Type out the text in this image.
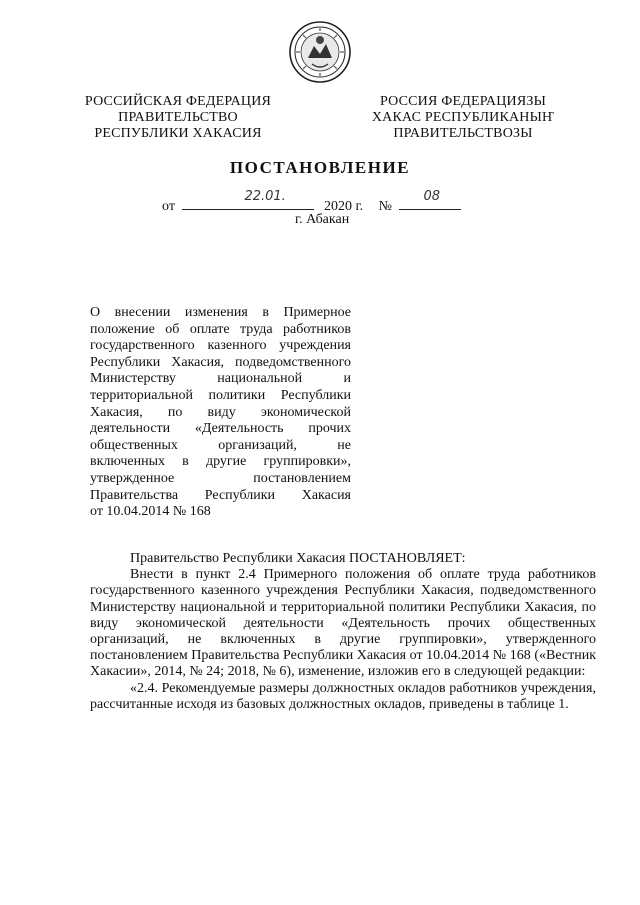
РОССИЙСКАЯ ФЕДЕРАЦИЯ
ПРАВИТЕЛЬСТВО
РЕСПУБЛИКИ ХАКАСИЯ
РОССИЯ ФЕДЕРАЦИЯЗЫ
ХАКАС РЕСПУБЛИКАНЫҤ
ПРАВИТЕЛЬСТВОЗЫ
ПОСТАНОВЛЕНИЕ
от
22.01.
2020 г. №
08
г. Абакан
О внесении изменения в Примерное
положение об оплате труда работников
государственного казенного учреждения
Республики Хакасия, подведомственного
Министерству национальной и
территориальной политики Республики
Хакасия, по виду экономической
деятельности «Деятельность прочих
общественных организаций, не
включенных в другие группировки»,
утвержденное постановлением
Правительства Республики Хакасия
от 10.04.2014 № 168

Правительство Республики Хакасия ПОСТАНОВЛЯЕТ:

Внести в пункт 2.4 Примерного положения об оплате труда работников государственного казенного учреждения Республики Хакасия, подведомственного Министерству национальной и территориальной политики Республики Хакасия, по виду экономической деятельности «Деятельность прочих общественных организаций, не включенных в другие группировки», утвержденного постановлением Правительства Республики Хакасия от 10.04.2014 № 168 («Вестник Хакасии», 2014, № 24; 2018, № 6), изменение, изложив его в следующей редакции:

«2.4. Рекомендуемые размеры должностных окладов работников учреждения, рассчитанные исходя из базовых должностных окладов, приведены в таблице 1.
